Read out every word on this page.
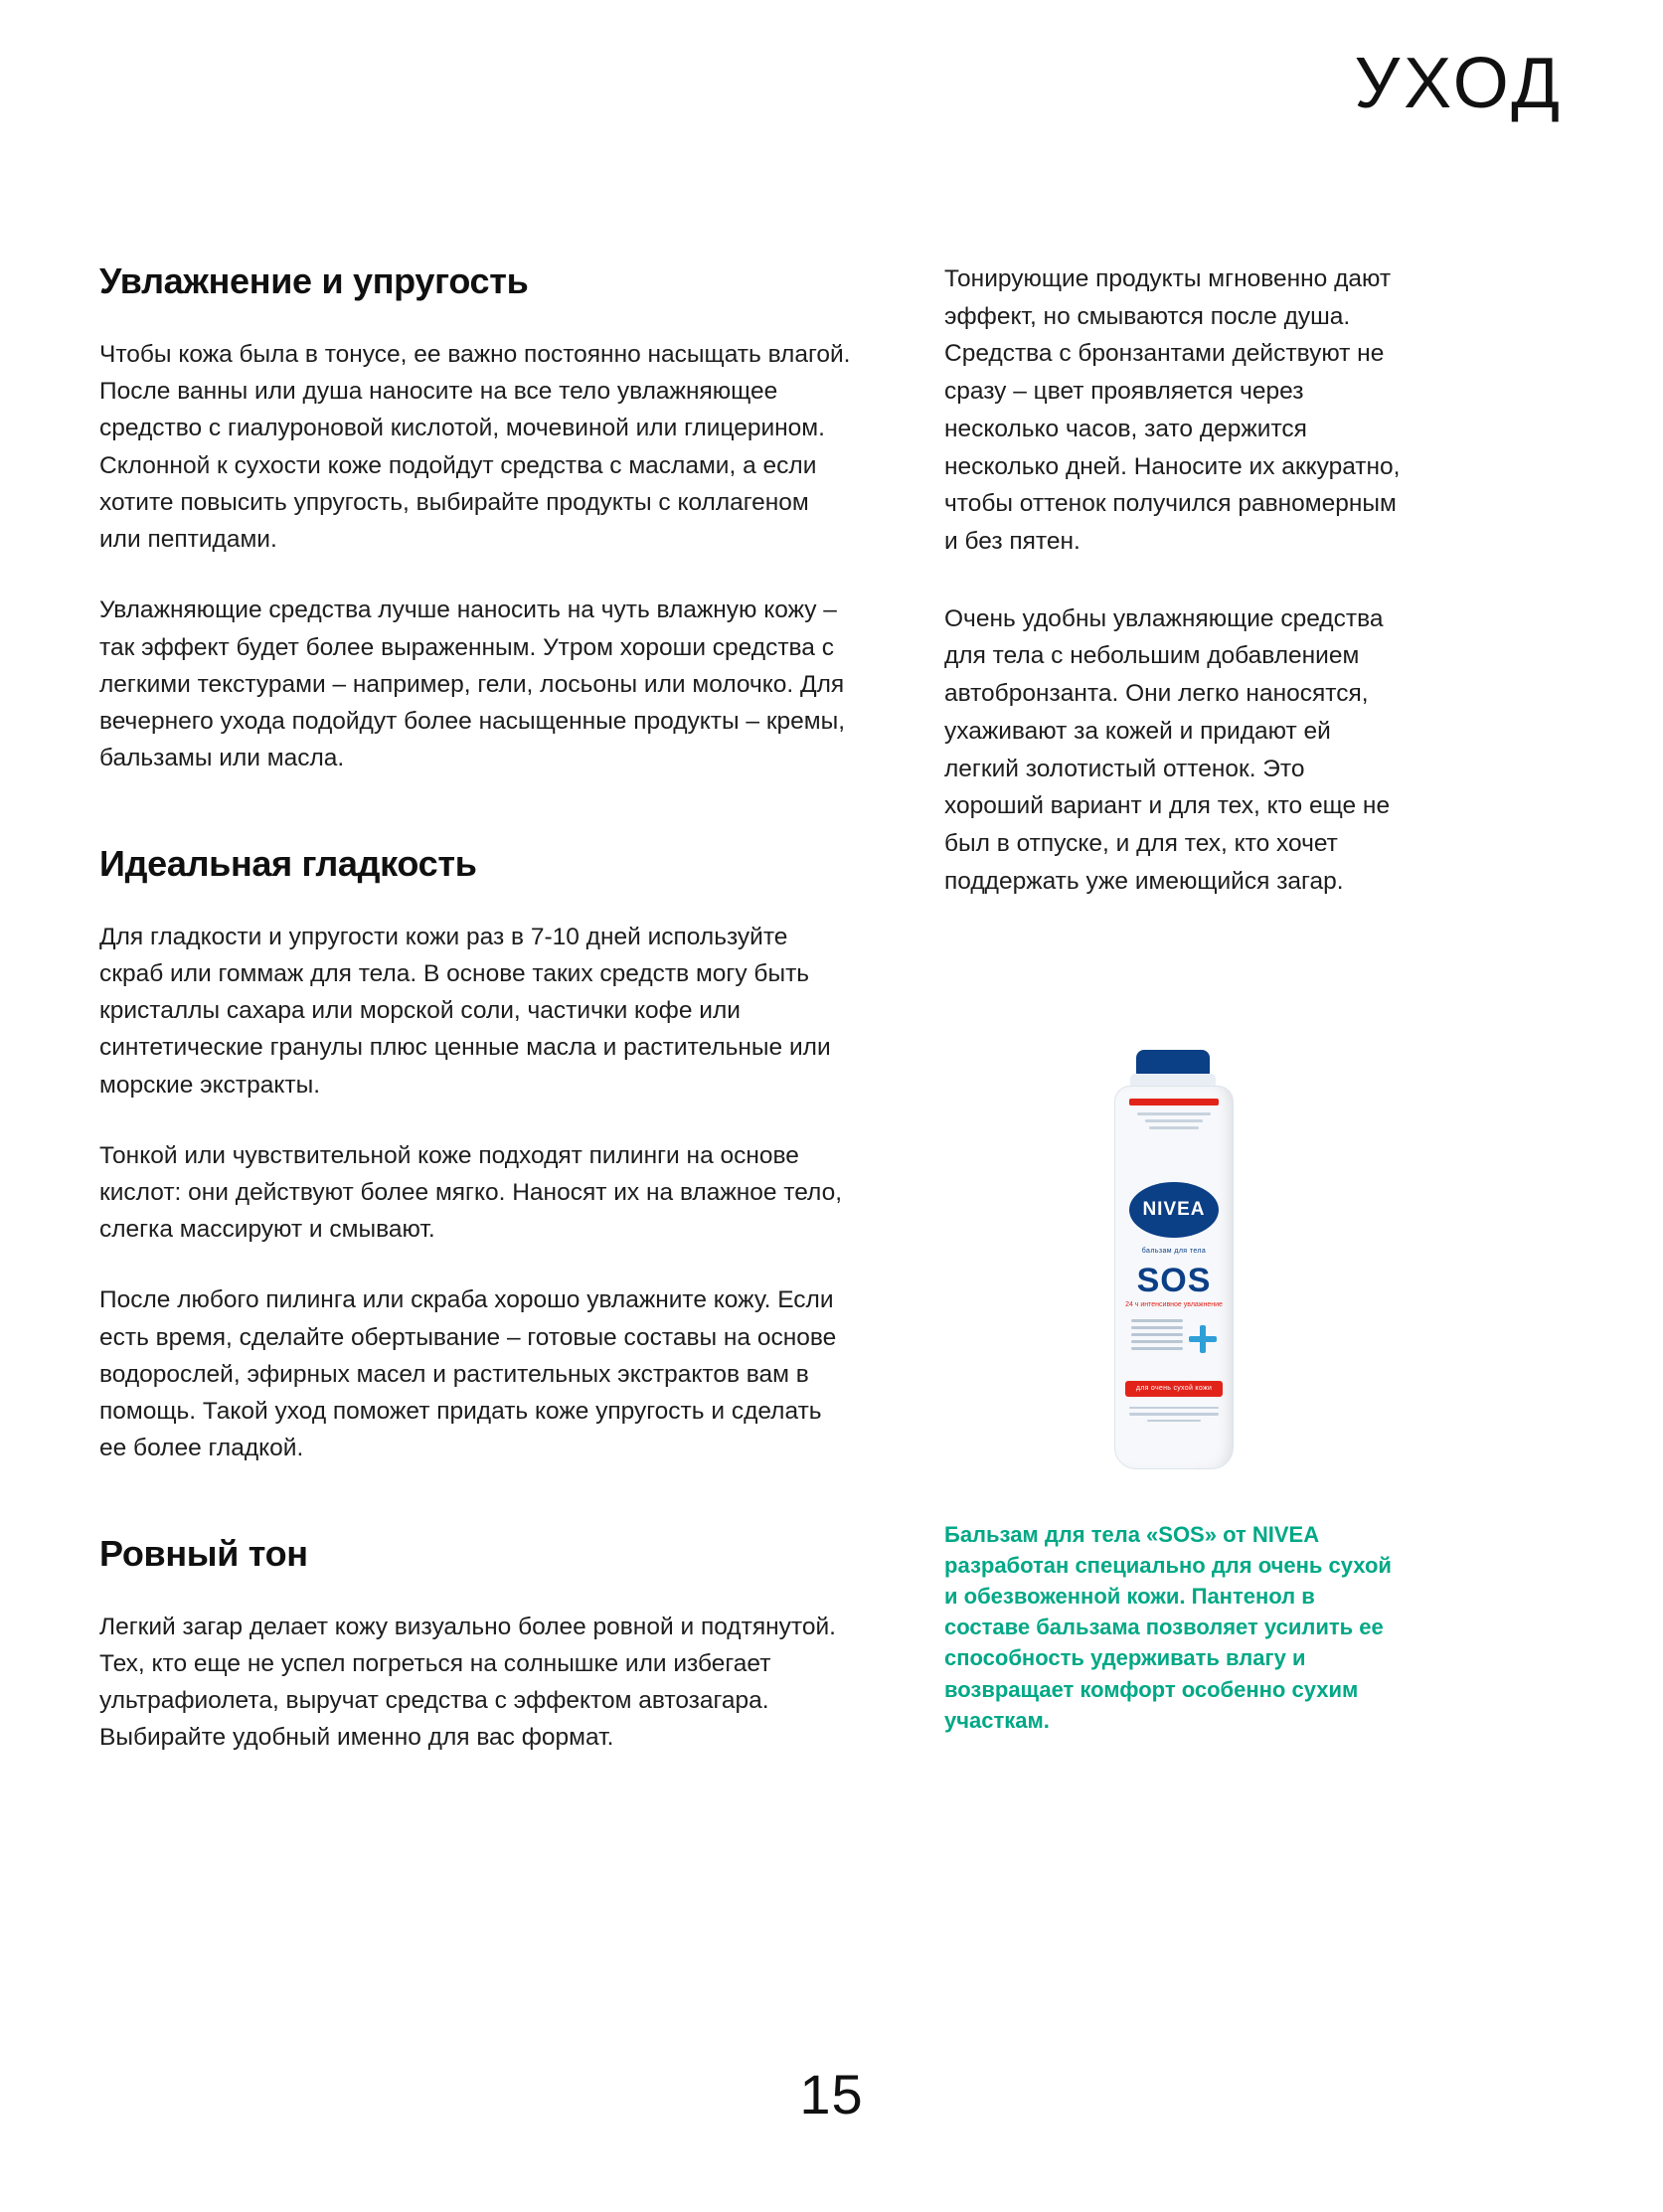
УХОД
Увлажнение и упругость

Чтобы кожа была в тонусе, ее важно постоянно насыщать влагой. После ванны или душа наносите на все тело увлажняющее средство с гиалуроновой кислотой, мочевиной или глицерином. Склонной к сухости коже подойдут средства с маслами, а если хотите повысить упругость, выбирайте продукты с коллагеном или пептидами.

Увлажняющие средства лучше наносить на чуть влажную кожу – так эффект будет более выраженным. Утром хороши средства с легкими текстурами – например, гели, лосьоны или молочко. Для вечернего ухода подойдут более насыщенные продукты – кремы, бальзамы или масла.

Идеальная гладкость

Для гладкости и упругости кожи раз в 7-10 дней используйте скраб или гоммаж для тела. В основе таких средств могу быть кристаллы сахара или морской соли, частички кофе или синтетические гранулы плюс ценные масла и растительные или морские экстракты.

Тонкой или чувствительной коже подходят пилинги на основе кислот: они действуют более мягко. Наносят их на влажное тело, слегка массируют и смывают.

После любого пилинга или скраба хорошо увлажните кожу. Если есть время, сделайте обертывание – готовые составы на основе водорослей, эфирных масел и растительных экстрактов вам в помощь. Такой уход поможет придать коже упругость и сделать ее более гладкой.

Ровный тон

Легкий загар делает кожу визуально более ровной и подтянутой. Тех, кто еще не успел погреться на солнышке или избегает ультрафиолета, выручат средства с эффектом автозагара. Выбирайте удобный именно для вас формат.

Тонирующие продукты мгновенно дают эффект, но смываются после душа. Средства с бронзантами действуют не сразу – цвет проявляется через несколько часов, зато держится несколько дней. Наносите их аккуратно, чтобы оттенок получился равномерным и без пятен.

Очень удобны увлажняющие средства для тела с небольшим добавлением автобронзанта. Они легко наносятся, ухаживают за кожей и придают ей легкий золотистый оттенок. Это хороший вариант и для тех, кто еще не был в отпуске, и для тех, кто хочет поддержать уже имеющийся загар.

NIVEA
бальзам для тела
SOS
24 ч интенсивное увлажнение
для очень сухой кожи
Бальзам для тела «SOS» от NIVEA разработан специально для очень сухой и обезвоженной кожи. Пантенол в составе бальзама позволяет усилить ее способность удерживать влагу и возвращает комфорт особенно сухим участкам.
15
